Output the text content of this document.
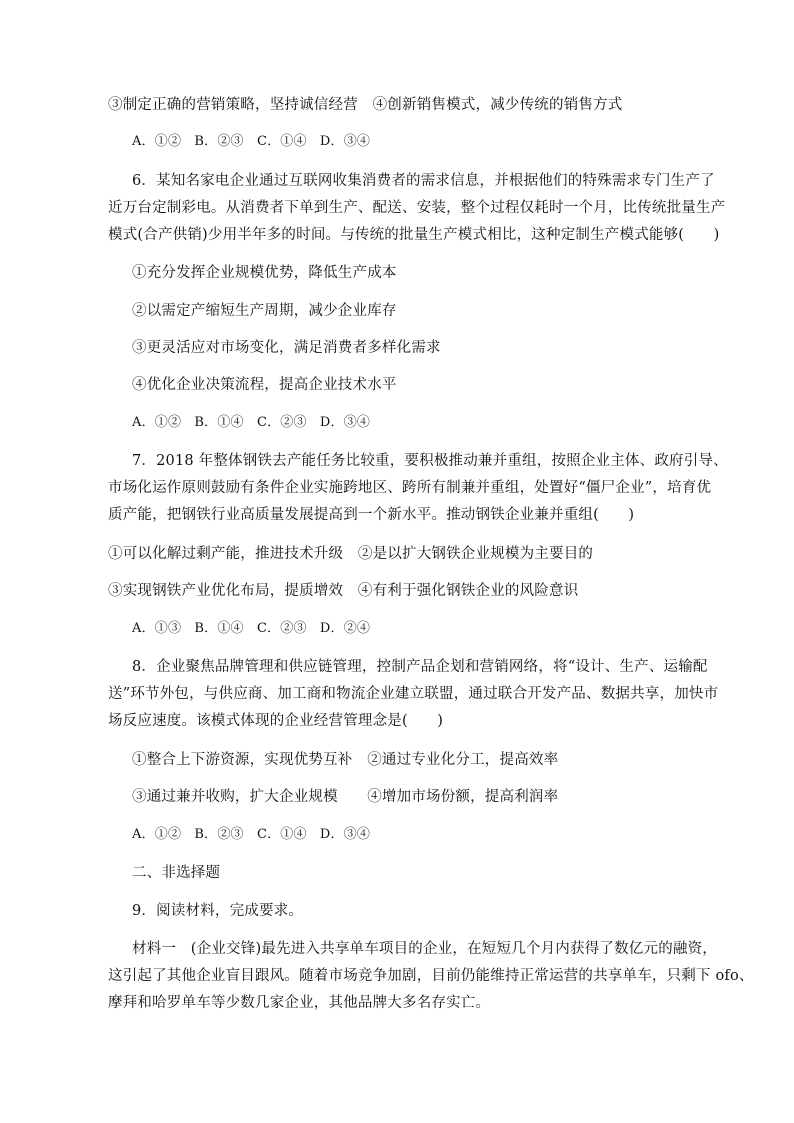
③制定正确的营销策略，坚持诚信经营　④创新销售模式，减少传统的销售方式
A．①②　B．②③　C．①④　D．③④
6．某知名家电企业通过互联网收集消费者的需求信息，并根据他们的特殊需求专门生产了
近万台定制彩电。从消费者下单到生产、配送、安装，整个过程仅耗时一个月，比传统批量生产
模式(合产供销)少用半年多的时间。与传统的批量生产模式相比，这种定制生产模式能够(　　)
①充分发挥企业规模优势，降低生产成本
②以需定产缩短生产周期，减少企业库存
③更灵活应对市场变化，满足消费者多样化需求
④优化企业决策流程，提高企业技术水平
A．①②　B．①④　C．②③　D．③④
7．2018 年整体钢铁去产能任务比较重，要积极推动兼并重组，按照企业主体、政府引导、
市场化运作原则鼓励有条件企业实施跨地区、跨所有制兼并重组，处置好“僵尸企业”，培育优
质产能，把钢铁行业高质量发展提高到一个新水平。推动钢铁企业兼并重组(　　)
①可以化解过剩产能，推进技术升级　②是以扩大钢铁企业规模为主要目的
③实现钢铁产业优化布局，提质增效　④有利于强化钢铁企业的风险意识
A．①③　B．①④　C．②③　D．②④
8．企业聚焦品牌管理和供应链管理，控制产品企划和营销网络，将“设计、生产、运输配
送”环节外包，与供应商、加工商和物流企业建立联盟，通过联合开发产品、数据共享，加快市
场反应速度。该模式体现的企业经营管理念是(　　)
①整合上下游资源，实现优势互补　②通过专业化分工，提高效率
③通过兼并收购，扩大企业规模　　④增加市场份额，提高利润率
A．①②　B．②③　C．①④　D．③④
二、非选择题
9．阅读材料，完成要求。
材料一　(企业交锋)最先进入共享单车项目的企业，在短短几个月内获得了数亿元的融资，
这引起了其他企业盲目跟风。随着市场竞争加剧，目前仍能维持正常运营的共享单车，只剩下 ofo、
摩拜和哈罗单车等少数几家企业，其他品牌大多名存实亡。
